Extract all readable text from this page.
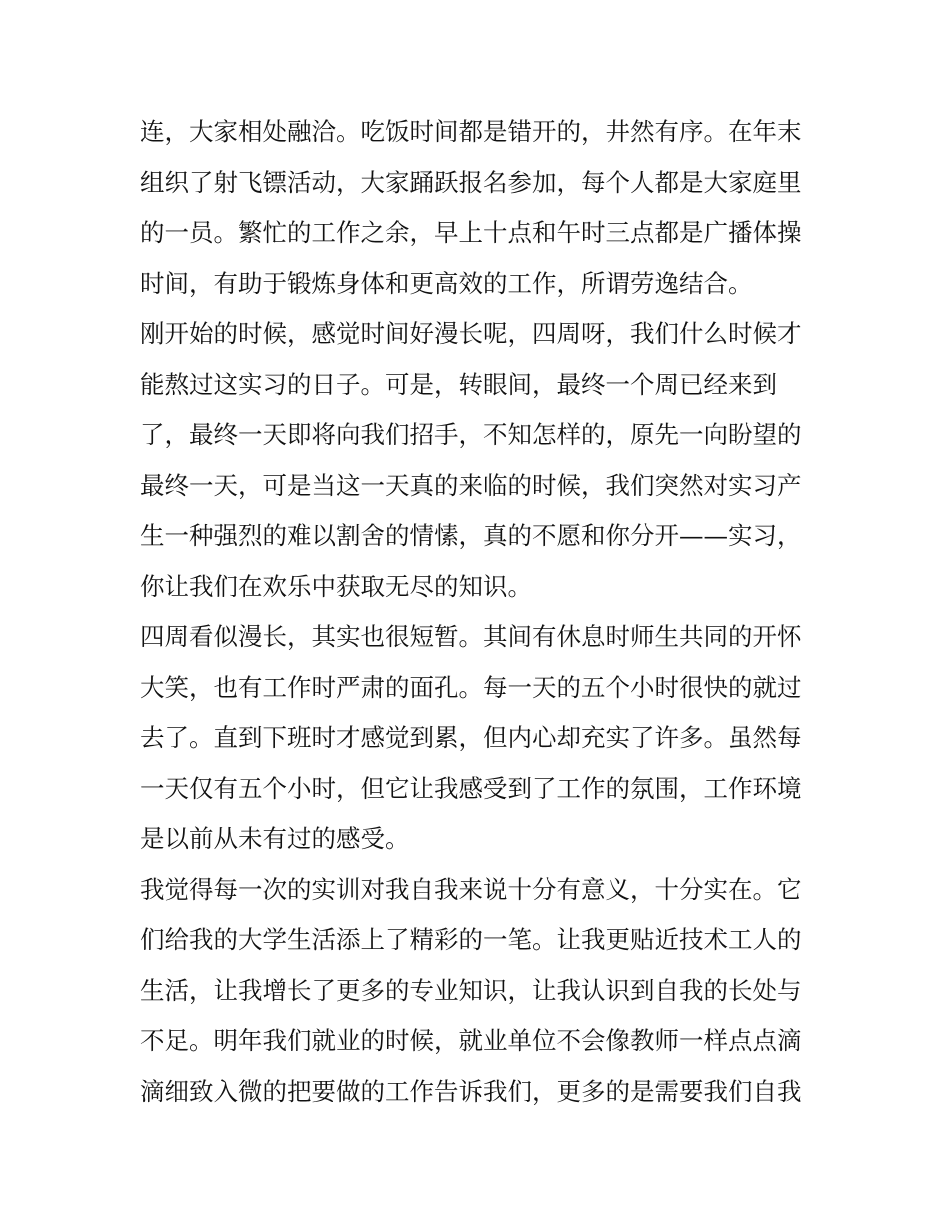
连，大家相处融洽。吃饭时间都是错开的，井然有序。在年末
组织了射飞镖活动，大家踊跃报名参加，每个人都是大家庭里
的一员。繁忙的工作之余，早上十点和午时三点都是广播体操
时间，有助于锻炼身体和更高效的工作，所谓劳逸结合。
刚开始的时候，感觉时间好漫长呢，四周呀，我们什么时候才
能熬过这实习的日子。可是，转眼间，最终一个周已经来到
了，最终一天即将向我们招手，不知怎样的，原先一向盼望的
最终一天，可是当这一天真的来临的时候，我们突然对实习产
生一种强烈的难以割舍的情愫，真的不愿和你分开——实习，
你让我们在欢乐中获取无尽的知识。
四周看似漫长，其实也很短暂。其间有休息时师生共同的开怀
大笑，也有工作时严肃的面孔。每一天的五个小时很快的就过
去了。直到下班时才感觉到累，但内心却充实了许多。虽然每
一天仅有五个小时，但它让我感受到了工作的氛围，工作环境
是以前从未有过的感受。
我觉得每一次的实训对我自我来说十分有意义，十分实在。它
们给我的大学生活添上了精彩的一笔。让我更贴近技术工人的
生活，让我增长了更多的专业知识，让我认识到自我的长处与
不足。明年我们就业的时候，就业单位不会像教师一样点点滴
滴细致入微的把要做的工作告诉我们，更多的是需要我们自我
